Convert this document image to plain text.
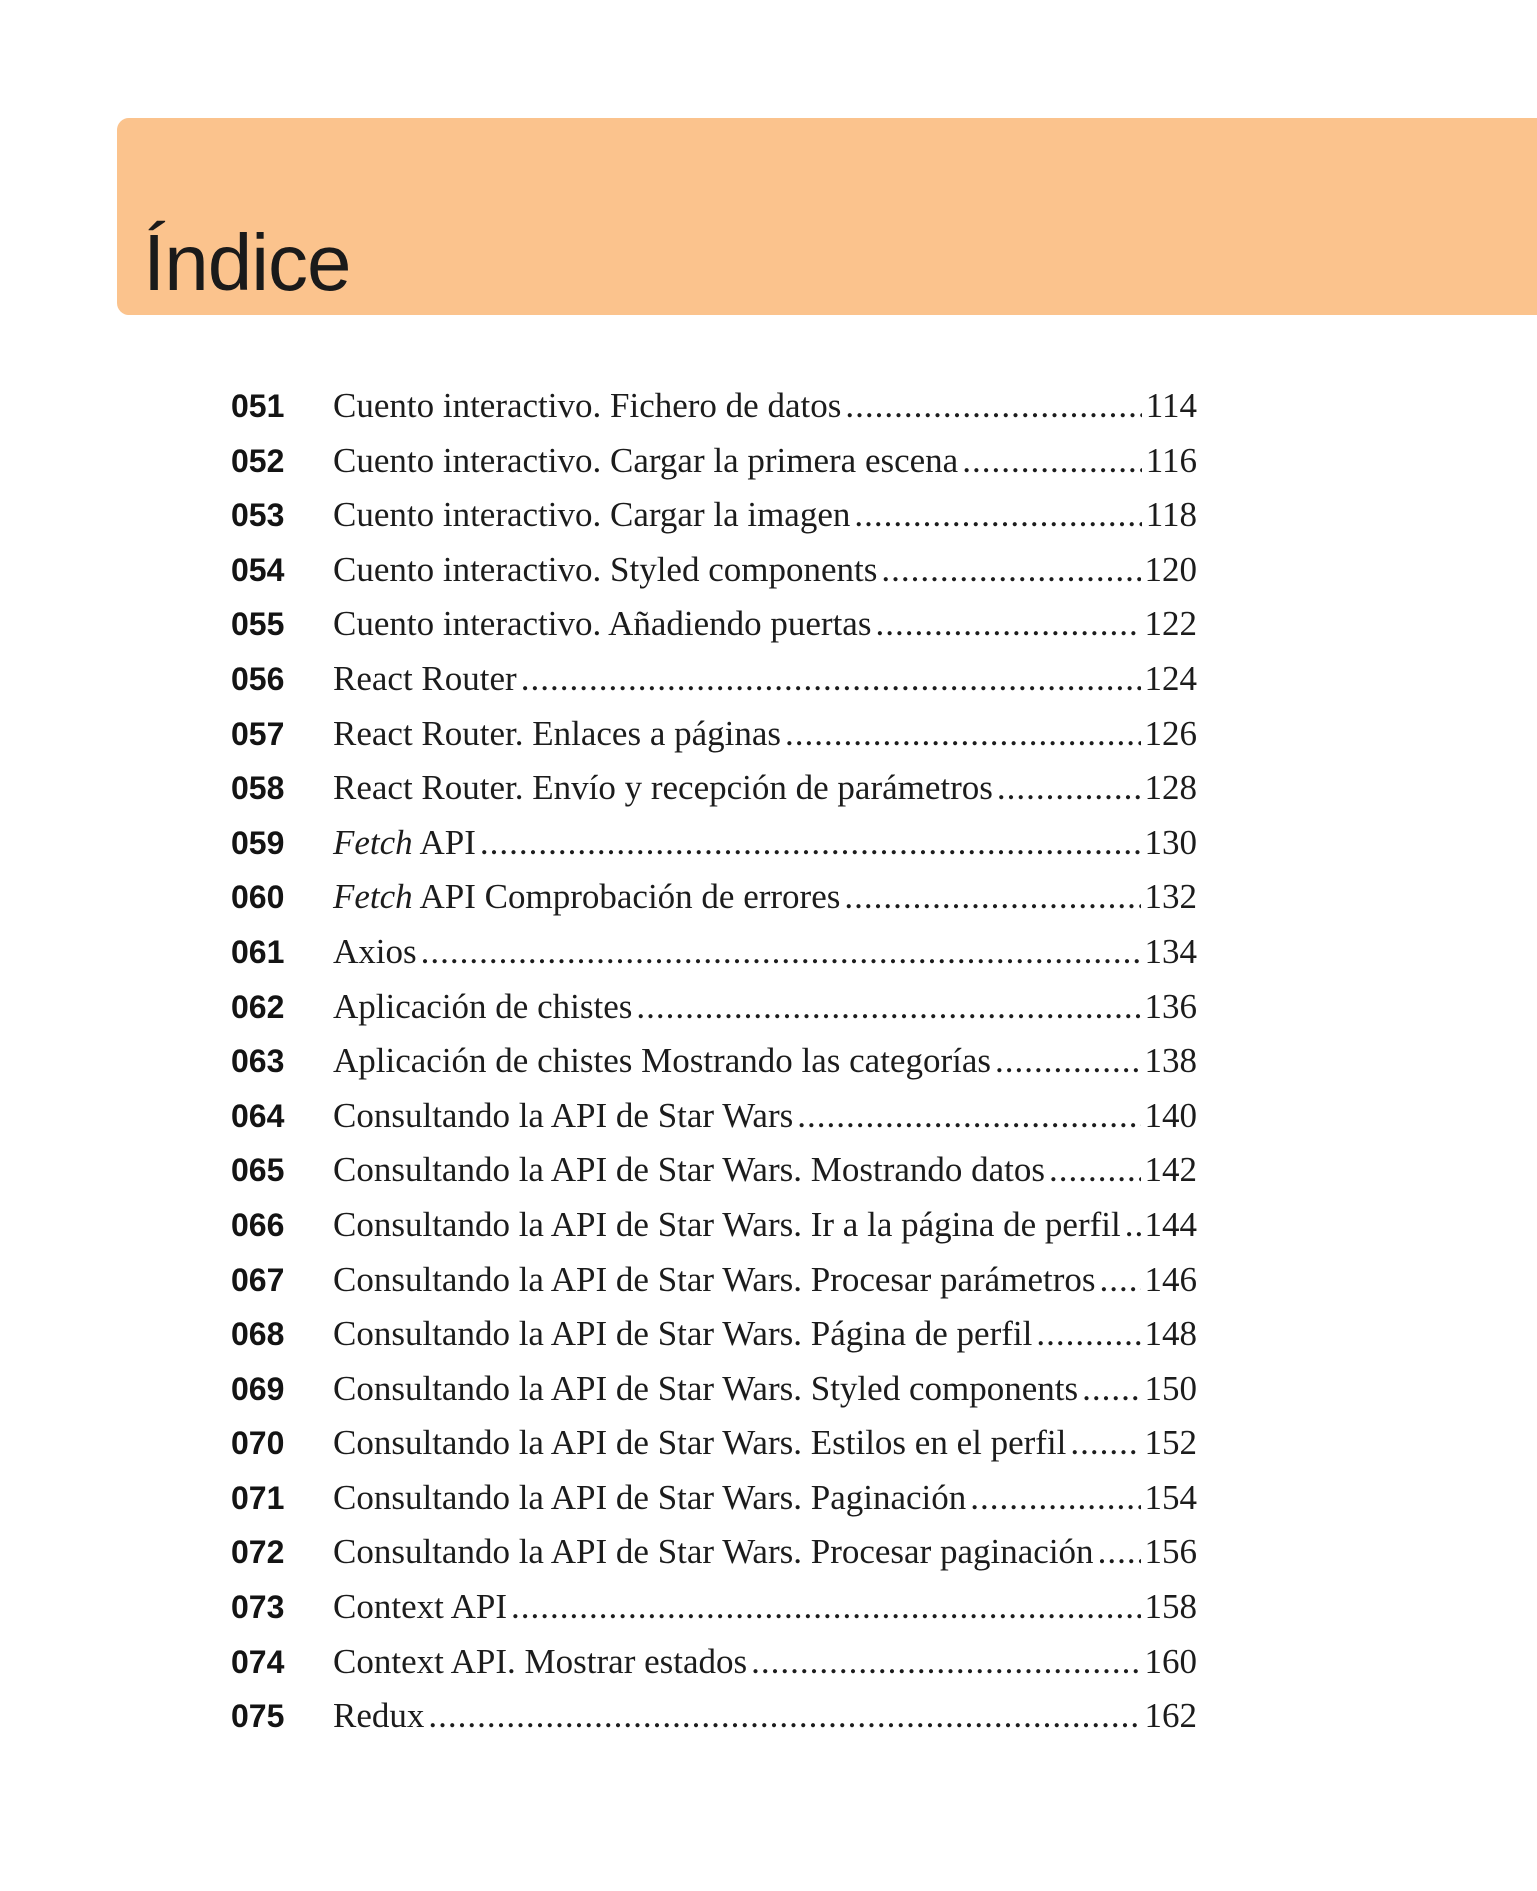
Índice
051	Cuento interactivo. Fichero de datos .....	114
052	Cuento interactivo. Cargar la primera escena .....	116
053	Cuento interactivo. Cargar la imagen .....	118
054	Cuento interactivo. Styled components .....	120
055	Cuento interactivo. Añadiendo puertas .....	122
056	React Router .....	124
057	React Router. Enlaces a páginas .....	126
058	React Router. Envío y recepción de parámetros .....	128
059	Fetch API .....	130
060	Fetch API Comprobación de errores .....	132
061	Axios .....	134
062	Aplicación de chistes .....	136
063	Aplicación de chistes Mostrando las categorías .....	138
064	Consultando la API de Star Wars .....	140
065	Consultando la API de Star Wars. Mostrando datos .....	142
066	Consultando la API de Star Wars. Ir a la página de perfil ..... 144
067	Consultando la API de Star Wars. Procesar parámetros ..... 146
068	Consultando la API de Star Wars. Página de perfil .....	148
069	Consultando la API de Star Wars. Styled components ..... 150
070	Consultando la API de Star Wars. Estilos en el perfil ..... 152
071	Consultando la API de Star Wars. Paginación .....	154
072	Consultando la API de Star Wars. Procesar paginación ..... 156
073	Context API .....	158
074	Context API. Mostrar estados .....	160
075	Redux .....	162
